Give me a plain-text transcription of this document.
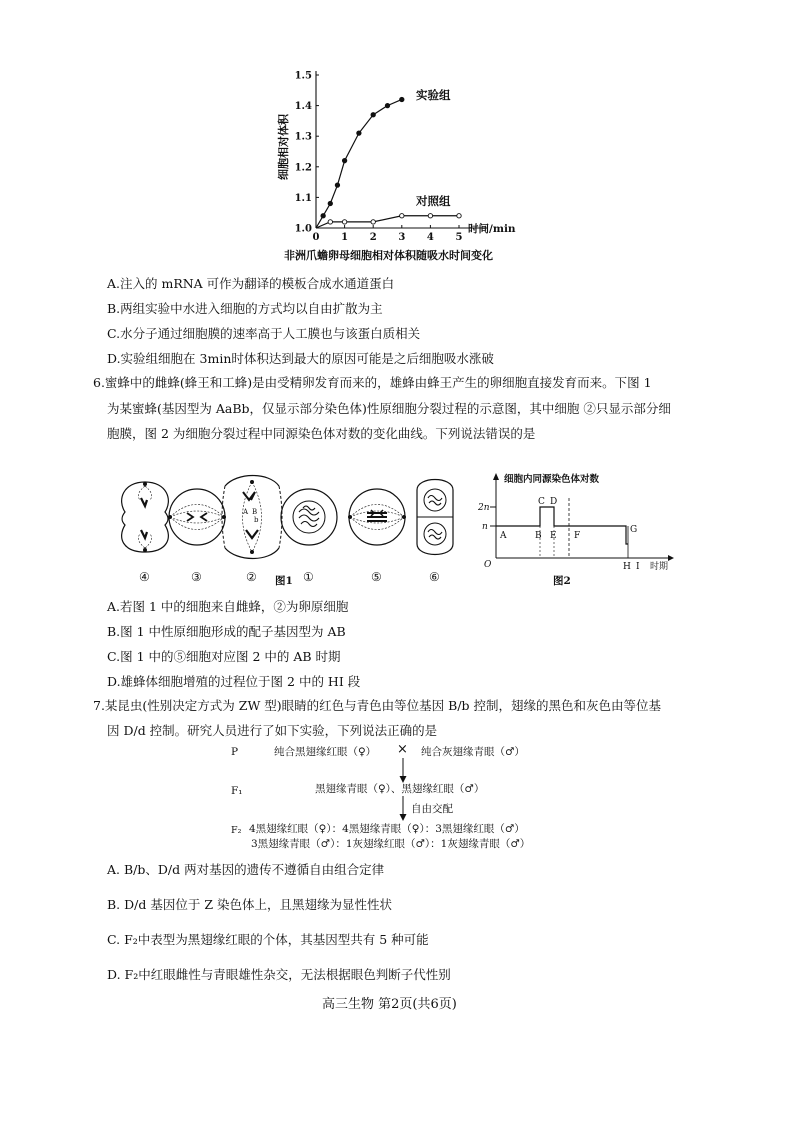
0 1 2 3 4 5
1.0
1.1
1.2
1.3
1.4
1.5
细胞相对体积
时间/min
非洲爪蟾卵母细胞相对体积随吸水时间变化
实验组
对照组
A.注入的 mRNA 可作为翻译的模板合成水通道蛋白
B.两组实验中水进入细胞的方式均以自由扩散为主
C.水分子通过细胞膜的速率高于人工膜也与该蛋白质相关
D.实验组细胞在 3min时体积达到最大的原因可能是之后细胞吸水涨破
6.蜜蜂中的雌蜂(蜂王和工蜂)是由受精卵发育而来的，雄蜂由蜂王产生的卵细胞直接发育而来。下图 1
为某蜜蜂(基因型为 AaBb，仅显示部分染色体)性原细胞分裂过程的示意图，其中细胞 ②只显示部分细
胞膜，图 2 为细胞分裂过程中同源染色体对数的变化曲线。下列说法错误的是
A B
b
④	③	②	①	⑤	⑥
图1
细胞内同源染色体对数
2n
n
O	时期
A	B
C D
E F
G
H I
图2
A.若图 1 中的细胞来自雌蜂，②为卵原细胞
B.图 1 中性原细胞形成的配子基因型为 AB
C.图 1 中的⑤细胞对应图 2 中的 AB 时期
D.雄蜂体细胞增殖的过程位于图 2 中的 HI 段
7.某昆虫(性别决定方式为 ZW 型)眼睛的红色与青色由等位基因 B/b 控制，翅缘的黑色和灰色由等位基
因 D/d 控制。研究人员进行了如下实验，下列说法正确的是
P	纯合黑翅缘红眼（♀） × 纯合灰翅缘青眼（♂）
F₁	黑翅缘青眼（♀）、黑翅缘红眼（♂）
自由交配
F₂ 4黑翅缘红眼（♀）：4黑翅缘青眼（♀）：3黑翅缘红眼（♂）
3黑翅缘青眼（♂）：1灰翅缘红眼（♂）：1灰翅缘青眼（♂）
A. B/b、D/d 两对基因的遗传不遵循自由组合定律
B. D/d 基因位于 Z 染色体上，且黑翅缘为显性性状
C. F₂中表型为黑翅缘红眼的个体，其基因型共有 5 种可能
D. F₂中红眼雌性与青眼雄性杂交，无法根据眼色判断子代性别
高三生物 第2页(共6页)
